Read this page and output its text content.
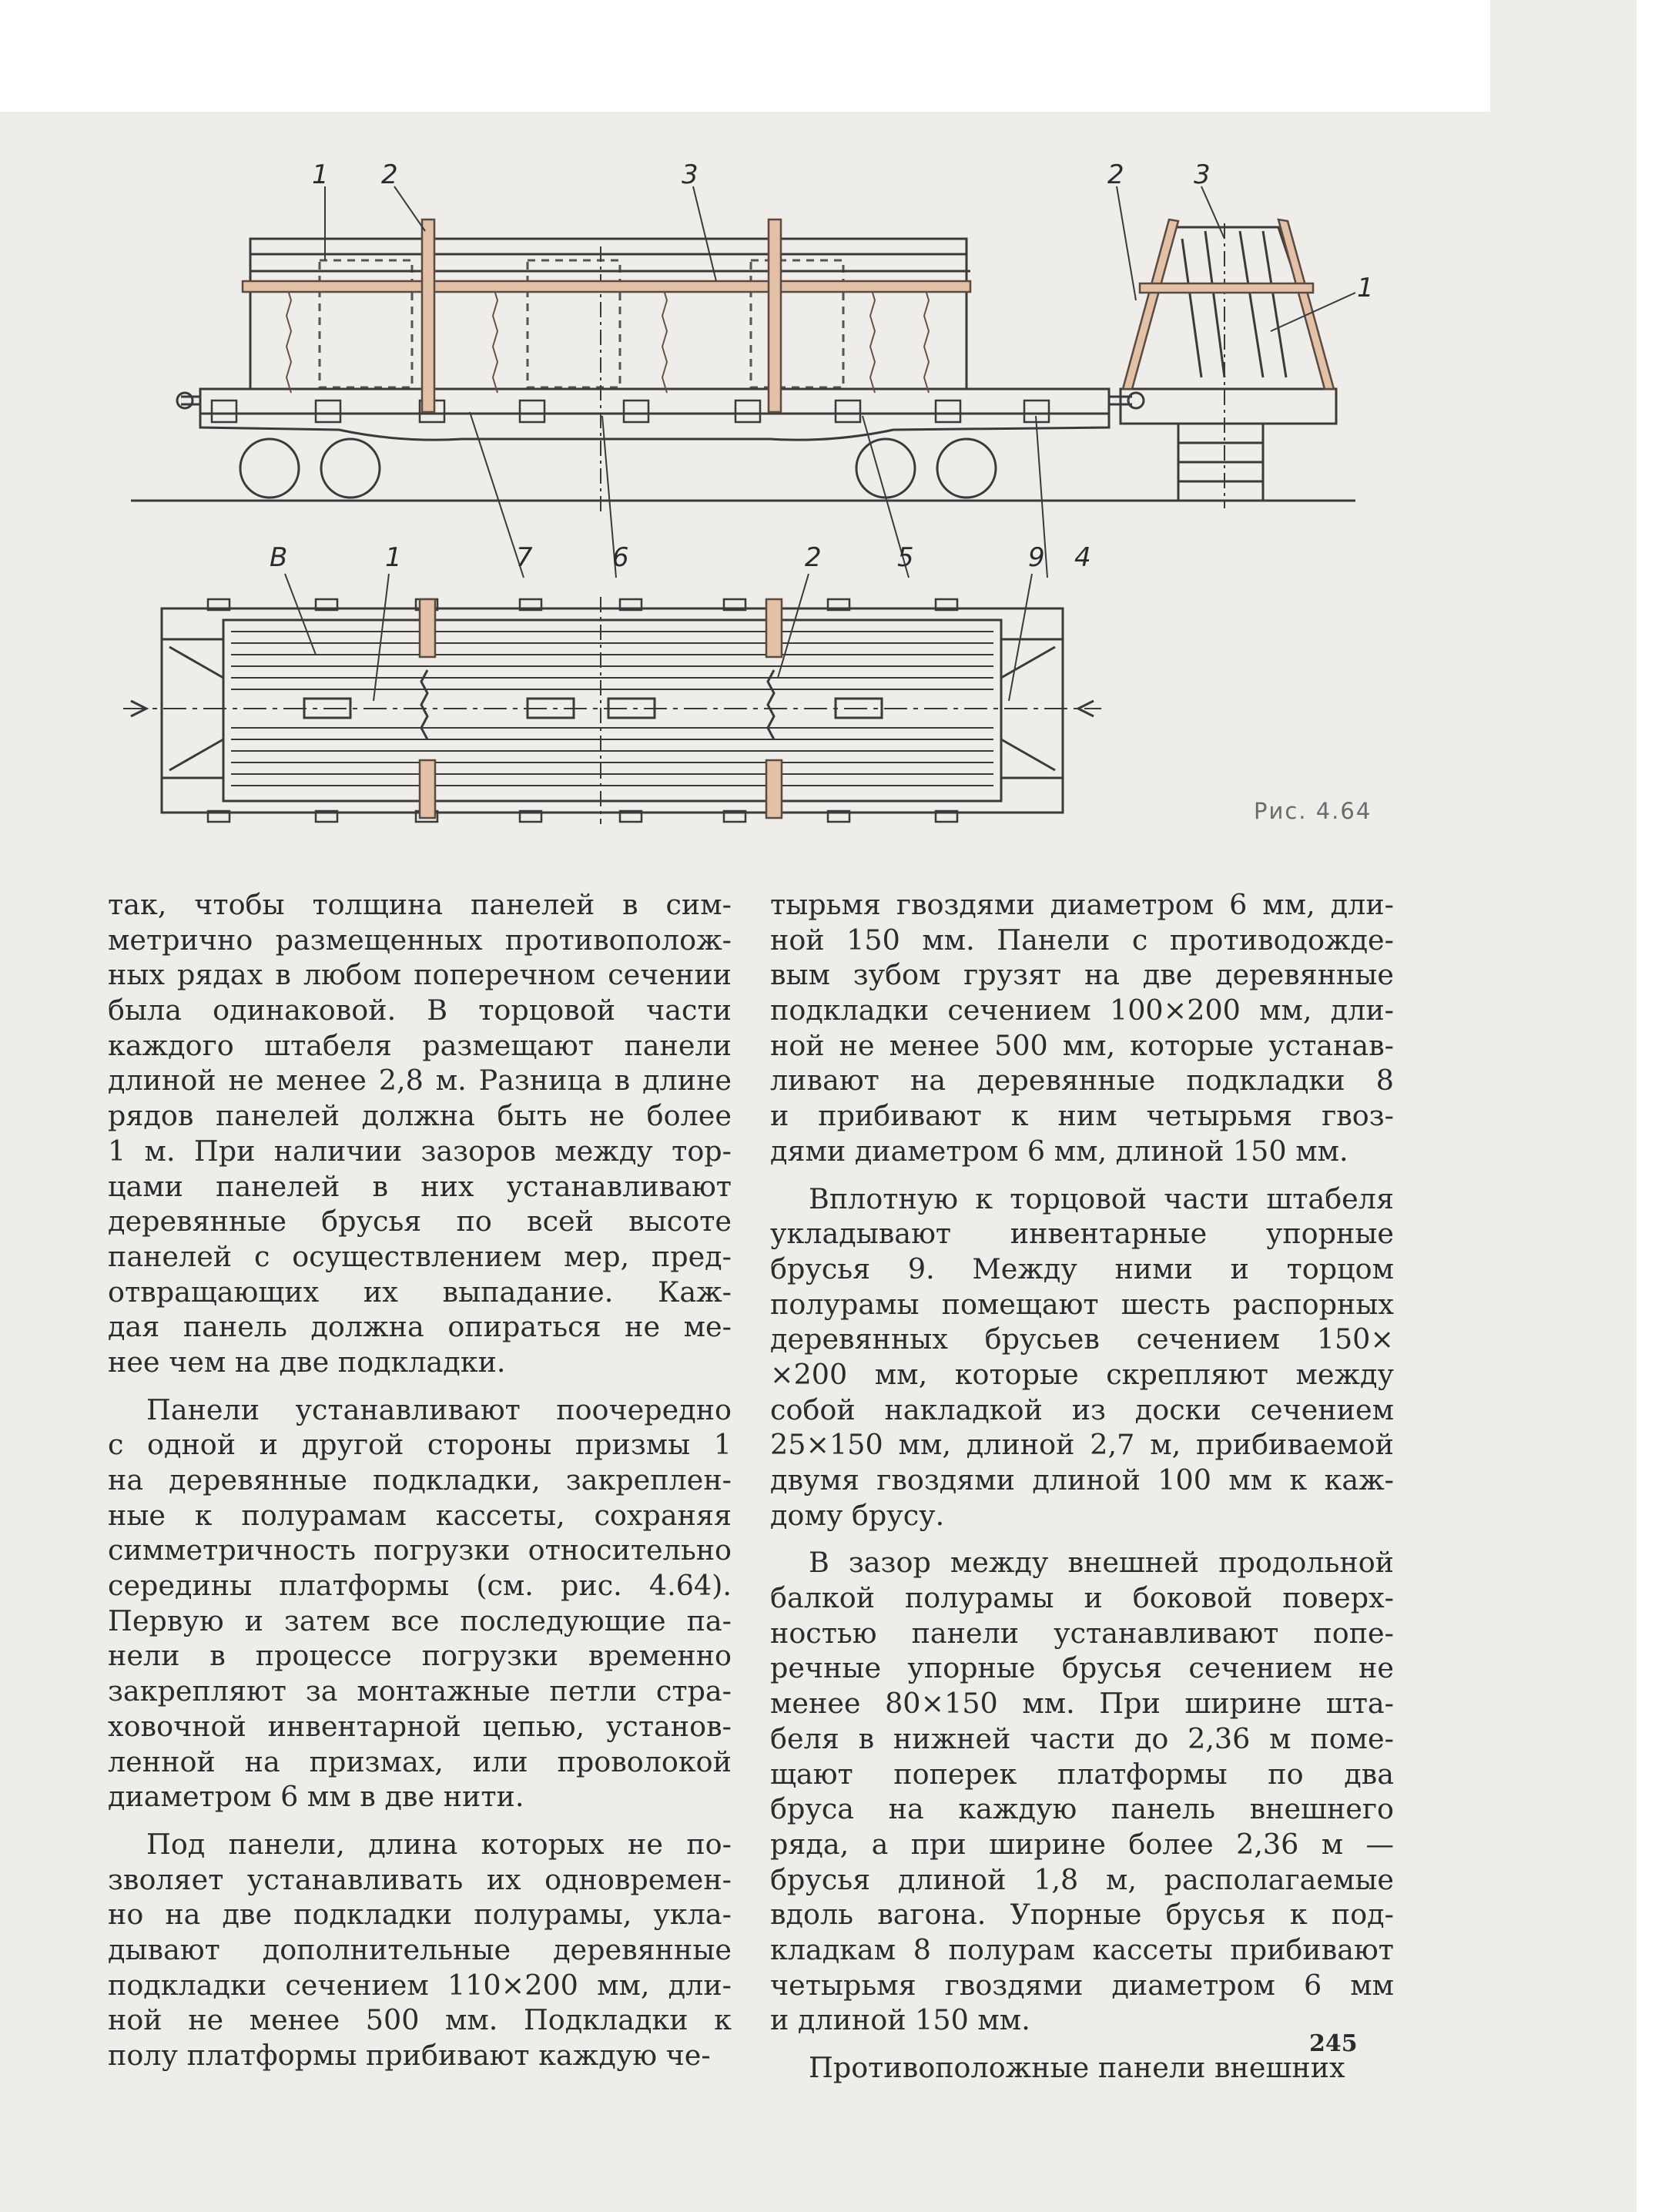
1 2	3	2	3
1
В	1	7	6	2	5	9 4
Рис. 4.64
так, чтобы толщина панелей в сим-
метрично размещенных противополож-
ных рядах в любом поперечном сечении
была одинаковой. В торцовой части
каждого штабеля размещают панели
длиной не менее 2,8 м. Разница в длине
рядов панелей должна быть не более
1 м. При наличии зазоров между тор-
цами панелей в них устанавливают
деревянные брусья по всей высоте
панелей с осуществлением мер, пред-
отвращающих их выпадание. Каж-
дая панель должна опираться не ме-
нее чем на две подкладки.
Панели устанавливают поочередно
с одной и другой стороны призмы 1
на деревянные подкладки, закреплен-
ные к полурамам кассеты, сохраняя
симметричность погрузки относительно
середины платформы (см. рис. 4.64).
Первую и затем все последующие па-
нели в процессе погрузки временно
закрепляют за монтажные петли стра-
ховочной инвентарной цепью, установ-
ленной на призмах, или проволокой
диаметром 6 мм в две нити.
Под панели, длина которых не по-
зволяет устанавливать их одновремен-
но на две подкладки полурамы, укла-
дывают дополнительные деревянные
подкладки сечением 110×200 мм, дли-
ной не менее 500 мм. Подкладки к
полу платформы прибивают каждую че-
тырьмя гвоздями диаметром 6 мм, дли-
ной 150 мм. Панели с противодожде-
вым зубом грузят на две деревянные
подкладки сечением 100×200 мм, дли-
ной не менее 500 мм, которые устанав-
ливают на деревянные подкладки 8
и прибивают к ним четырьмя гвоз-
дями диаметром 6 мм, длиной 150 мм.
Вплотную к торцовой части штабеля
укладывают инвентарные упорные
брусья 9. Между ними и торцом
полурамы помещают шесть распорных
деревянных брусьев сечением 150×
×200 мм, которые скрепляют между
собой накладкой из доски сечением
25×150 мм, длиной 2,7 м, прибиваемой
двумя гвоздями длиной 100 мм к каж-
дому брусу.
В зазор между внешней продольной
балкой полурамы и боковой поверх-
ностью панели устанавливают попе-
речные упорные брусья сечением не
менее 80×150 мм. При ширине шта-
беля в нижней части до 2,36 м поме-
щают поперек платформы по два
бруса на каждую панель внешнего
ряда, а при ширине более 2,36 м —
брусья длиной 1,8 м, располагаемые
вдоль вагона. Упорные брусья к под-
кладкам 8 полурам кассеты прибивают
четырьмя гвоздями диаметром 6 мм
и длиной 150 мм.
Противоположные панели внешних
245
